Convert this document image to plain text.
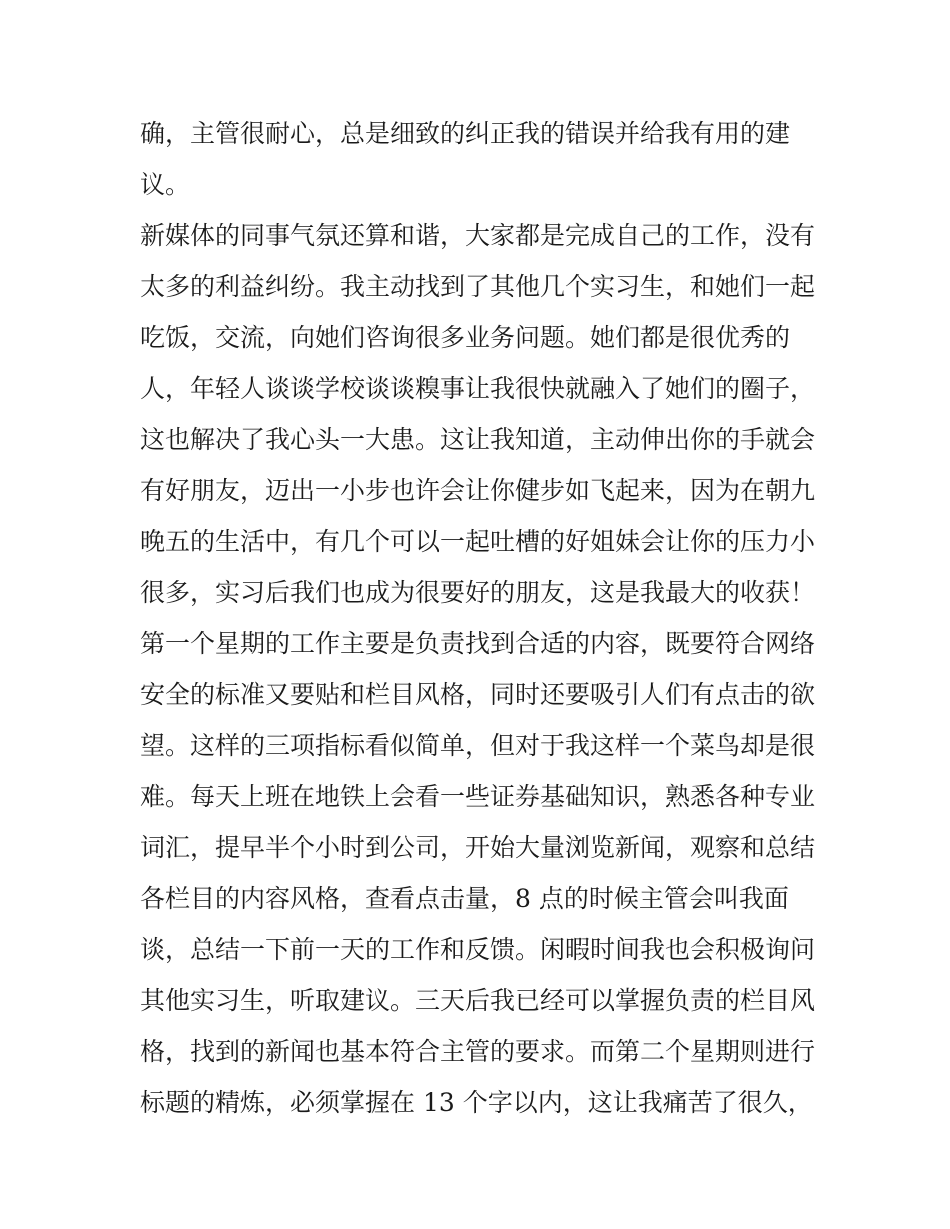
确，主管很耐心，总是细致的纠正我的错误并给我有用的建
议。
新媒体的同事气氛还算和谐，大家都是完成自己的工作，没有
太多的利益纠纷。我主动找到了其他几个实习生，和她们一起
吃饭，交流，向她们咨询很多业务问题。她们都是很优秀的
人，年轻人谈谈学校谈谈糗事让我很快就融入了她们的圈子，
这也解决了我心头一大患。这让我知道，主动伸出你的手就会
有好朋友，迈出一小步也许会让你健步如飞起来，因为在朝九
晚五的生活中，有几个可以一起吐槽的好姐妹会让你的压力小
很多，实习后我们也成为很要好的朋友，这是我最大的收获！
第一个星期的工作主要是负责找到合适的内容，既要符合网络
安全的标准又要贴和栏目风格，同时还要吸引人们有点击的欲
望。这样的三项指标看似简单，但对于我这样一个菜鸟却是很
难。每天上班在地铁上会看一些证券基础知识，熟悉各种专业
词汇，提早半个小时到公司，开始大量浏览新闻，观察和总结
各栏目的内容风格，查看点击量，8 点的时候主管会叫我面
谈，总结一下前一天的工作和反馈。闲暇时间我也会积极询问
其他实习生，听取建议。三天后我已经可以掌握负责的栏目风
格，找到的新闻也基本符合主管的要求。而第二个星期则进行
标题的精炼，必须掌握在 13 个字以内，这让我痛苦了很久，
